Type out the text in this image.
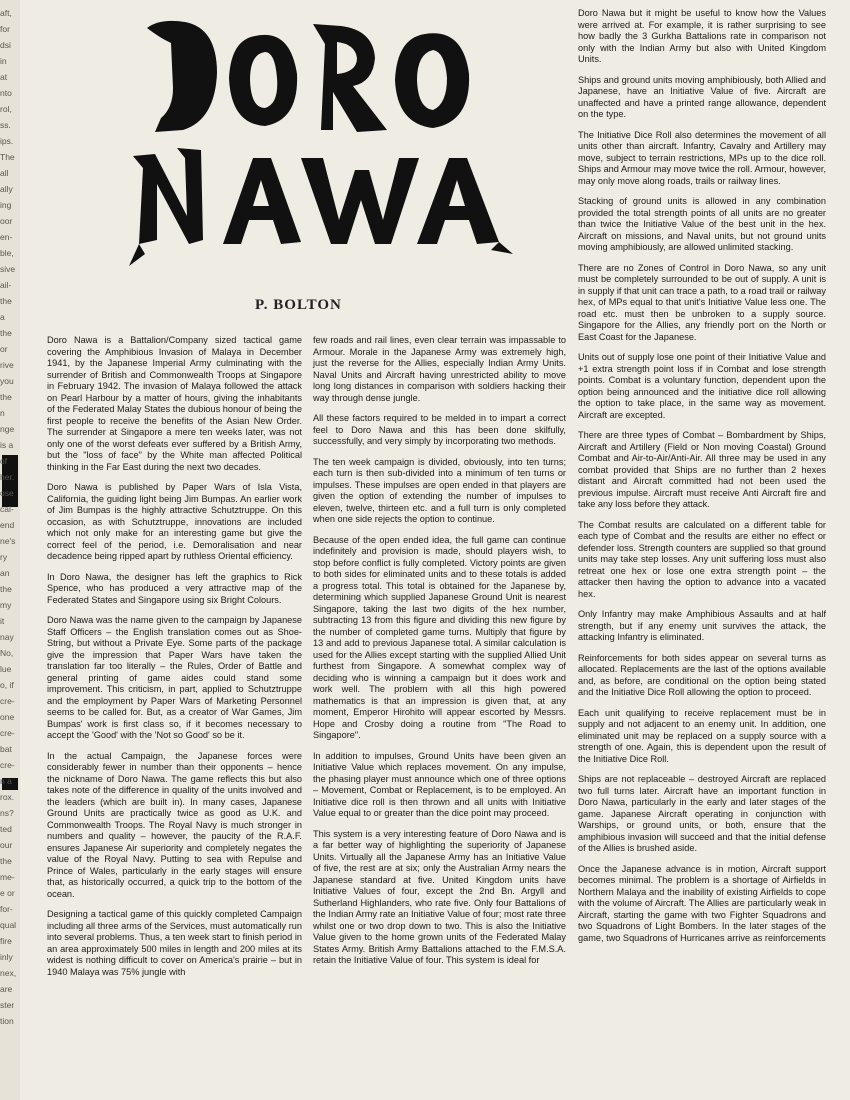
aft,
for
dsi
in
at
nto
rol,
ss.
ips.
The
all
ally
ing
oor
en-
ble,
sive
ail-
the
a
the
or
rive
you
the
n
nge
is a
of
her.
ose
cal-
end
ne's
ry
an
the
my
it
nay
No,
lue
o, if
cre-
one
cre-
bat
cre-
n a
rox.
ns?
ted
our
the
me-
e or
for-
qual
fire
inly
nex,
are
ster
tion

P. BOLTON

Doro Nawa is a Battalion/Company sized tactical game covering the Amphibious Invasion of Malaya in December 1941, by the Japanese Imperial Army culminating with the surrender of British and Commonwealth Troops at Singapore in February 1942. The invasion of Malaya followed the attack on Pearl Harbour by a matter of hours, giving the inhabitants of the Federated Malay States the dubious honour of being the first people to receive the benefits of the Asian New Order. The surrender at Singapore a mere ten weeks later, was not only one of the worst defeats ever suffered by a British Army, but the "loss of face" by the White man affected Political thinking in the Far East during the next two decades.

Doro Nawa is published by Paper Wars of Isla Vista, California, the guiding light being Jim Bumpas. An earlier work of Jim Bumpas is the highly attractive Schutztruppe. On this occasion, as with Schutztruppe, innovations are included which not only make for an interesting game but give the correct feel of the period, i.e. Demoralisation and near decadence being ripped apart by ruthless Oriental efficiency.

In Doro Nawa, the designer has left the graphics to Rick Spence, who has produced a very attractive map of the Federated States and Singapore using six Bright Colours.

Doro Nawa was the name given to the campaign by Japanese Staff Officers – the English translation comes out as Shoe-String, but without a Private Eye. Some parts of the package give the impression that Paper Wars have taken the translation far too literally – the Rules, Order of Battle and general printing of game aides could stand some improvement. This criticism, in part, applied to Schutztruppe and the employment by Paper Wars of Marketing Personnel seems to be called for. But, as a creator of War Games, Jim Bumpas' work is first class so, if it becomes necessary to accept the 'Good' with the 'Not so Good' so be it.

In the actual Campaign, the Japanese forces were considerably fewer in number than their opponents – hence the nickname of Doro Nawa. The game reflects this but also takes note of the difference in quality of the units involved and the leaders (which are built in). In many cases, Japanese Ground Units are practically twice as good as U.K. and Commonwealth Troops. The Royal Navy is much stronger in numbers and quality – however, the paucity of the R.A.F. ensures Japanese Air superiority and completely negates the value of the Royal Navy. Putting to sea with Repulse and Prince of Wales, particularly in the early stages will ensure that, as historically occurred, a quick trip to the bottom of the ocean.

Designing a tactical game of this quickly completed Campaign including all three arms of the Services, must automatically run into several problems. Thus, a ten week start to finish period in an area approximately 500 miles in length and 200 miles at its widest is nothing difficult to cover on America's prairie – but in 1940 Malaya was 75% jungle with

few roads and rail lines, even clear terrain was impassable to Armour. Morale in the Japanese Army was extremely high, just the reverse for the Allies, especially Indian Army Units. Naval Units and Aircraft having unrestricted ability to move long long distances in comparison with soldiers hacking their way through dense jungle.

All these factors required to be melded in to impart a correct feel to Doro Nawa and this has been done skilfully, successfully, and very simply by incorporating two methods.

The ten week campaign is divided, obviously, into ten turns; each turn is then sub-divided into a minimum of ten turns or impulses. These impulses are open ended in that players are given the option of extending the number of impulses to eleven, twelve, thirteen etc. and a full turn is only completed when one side rejects the option to continue.

Because of the open ended idea, the full game can continue indefinitely and provision is made, should players wish, to stop before conflict is fully completed. Victory points are given to both sides for eliminated units and to these totals is added a progress total. This total is obtained for the Japanese by, determining which supplied Japanese Ground Unit is nearest Singapore, taking the last two digits of the hex number, subtracting 13 from this figure and dividing this new figure by the number of completed game turns. Multiply that figure by 13 and add to previous Japanese total. A similar calculation is used for the Allies except starting with the supplied Allied Unit furthest from Singapore. A somewhat complex way of deciding who is winning a campaign but it does work and work well. The problem with all this high powered mathematics is that an impression is given that, at any moment, Emperor Hirohito will appear escorted by Messrs. Hope and Crosby doing a routine from "The Road to Singapore".

In addition to impulses, Ground Units have been given an Initiative Value which replaces movement. On any impulse, the phasing player must announce which one of three options – Movement, Combat or Replacement, is to be employed. An Initiative dice roll is then thrown and all units with Initiative Value equal to or greater than the dice point may proceed.

This system is a very interesting feature of Doro Nawa and is a far better way of highlighting the superiority of Japanese Units. Virtually all the Japanese Army has an Initiative Value of five, the rest are at six; only the Australian Army nears the Japanese standard at five. United Kingdom units have Initiative Values of four, except the 2nd Bn. Argyll and Sutherland Highlanders, who rate five. Only four Battalions of the Indian Army rate an Initiative Value of four; most rate three whilst one or two drop down to two. This is also the Initiative Value given to the home grown units of the Federated Malay States Army. British Army Battalions attached to the F.M.S.A. retain the Initiative Value of four. This system is ideal for

Doro Nawa but it might be useful to know how the Values were arrived at. For example, it is rather surprising to see how badly the 3 Gurkha Battalions rate in comparison not only with the Indian Army but also with United Kingdom Units.

Ships and ground units moving amphibiously, both Allied and Japanese, have an Initiative Value of five. Aircraft are unaffected and have a printed range allowance, dependent on the type.

The Initiative Dice Roll also determines the movement of all units other than aircraft. Infantry, Cavalry and Artillery may move, subject to terrain restrictions, MPs up to the dice roll. Ships and Armour may move twice the roll. Armour, however, may only move along roads, trails or railway lines.

Stacking of ground units is allowed in any combination provided the total strength points of all units are no greater than twice the Initiative Value of the best unit in the hex. Aircraft on missions, and Naval units, but not ground units moving amphibiously, are allowed unlimited stacking.

There are no Zones of Control in Doro Nawa, so any unit must be completely surrounded to be out of supply. A unit is in supply if that unit can trace a path, to a road trail or railway hex, of MPs equal to that unit's Initiative Value less one. The road etc. must then be unbroken to a supply source. Singapore for the Allies, any friendly port on the North or East Coast for the Japanese.

Units out of supply lose one point of their Initiative Value and +1 extra strength point loss if in Combat and lose strength points. Combat is a voluntary function, dependent upon the option being announced and the initiative dice roll allowing the option to take place, in the same way as movement. Aircraft are excepted.

There are three types of Combat – Bombardment by Ships, Aircraft and Artillery (Field or Non moving Coastal) Ground Combat and Air-to-Air/Anti-Air. All three may be used in any combat provided that Ships are no further than 2 hexes distant and Aircraft committed had not been used the previous impulse. Aircraft must receive Anti Aircraft fire and take any loss before they attack.

The Combat results are calculated on a different table for each type of Combat and the results are either no effect or defender loss. Strength counters are supplied so that ground units may take step losses. Any unit suffering loss must also retreat one hex or lose one extra strength point – the attacker then having the option to advance into a vacated hex.

Only Infantry may make Amphibious Assaults and at half strength, but if any enemy unit survives the attack, the attacking Infantry is eliminated.

Reinforcements for both sides appear on several turns as allocated. Replacements are the last of the options available and, as before, are conditional on the option being stated and the Initiative Dice Roll allowing the option to proceed.

Each unit qualifying to receive replacement must be in supply and not adjacent to an enemy unit. In addition, one eliminated unit may be replaced on a supply source with a strength of one. Again, this is dependent upon the result of the Initiative Dice Roll.

Ships are not replaceable – destroyed Aircraft are replaced two full turns later. Aircraft have an important function in Doro Nawa, particularly in the early and later stages of the game. Japanese Aircraft operating in conjunction with Warships, or ground units, or both, ensure that the amphibious invasion will succeed and that the initial defense of the Allies is brushed aside.

Once the Japanese advance is in motion, Aircraft support becomes minimal. The problem is a shortage of Airfields in Northern Malaya and the inability of existing Airfields to cope with the volume of Aircraft. The Allies are particularly weak in Aircraft, starting the game with two Fighter Squadrons and two Squadrons of Light Bombers. In the later stages of the game, two Squadrons of Hurricanes arrive as reinforcements
